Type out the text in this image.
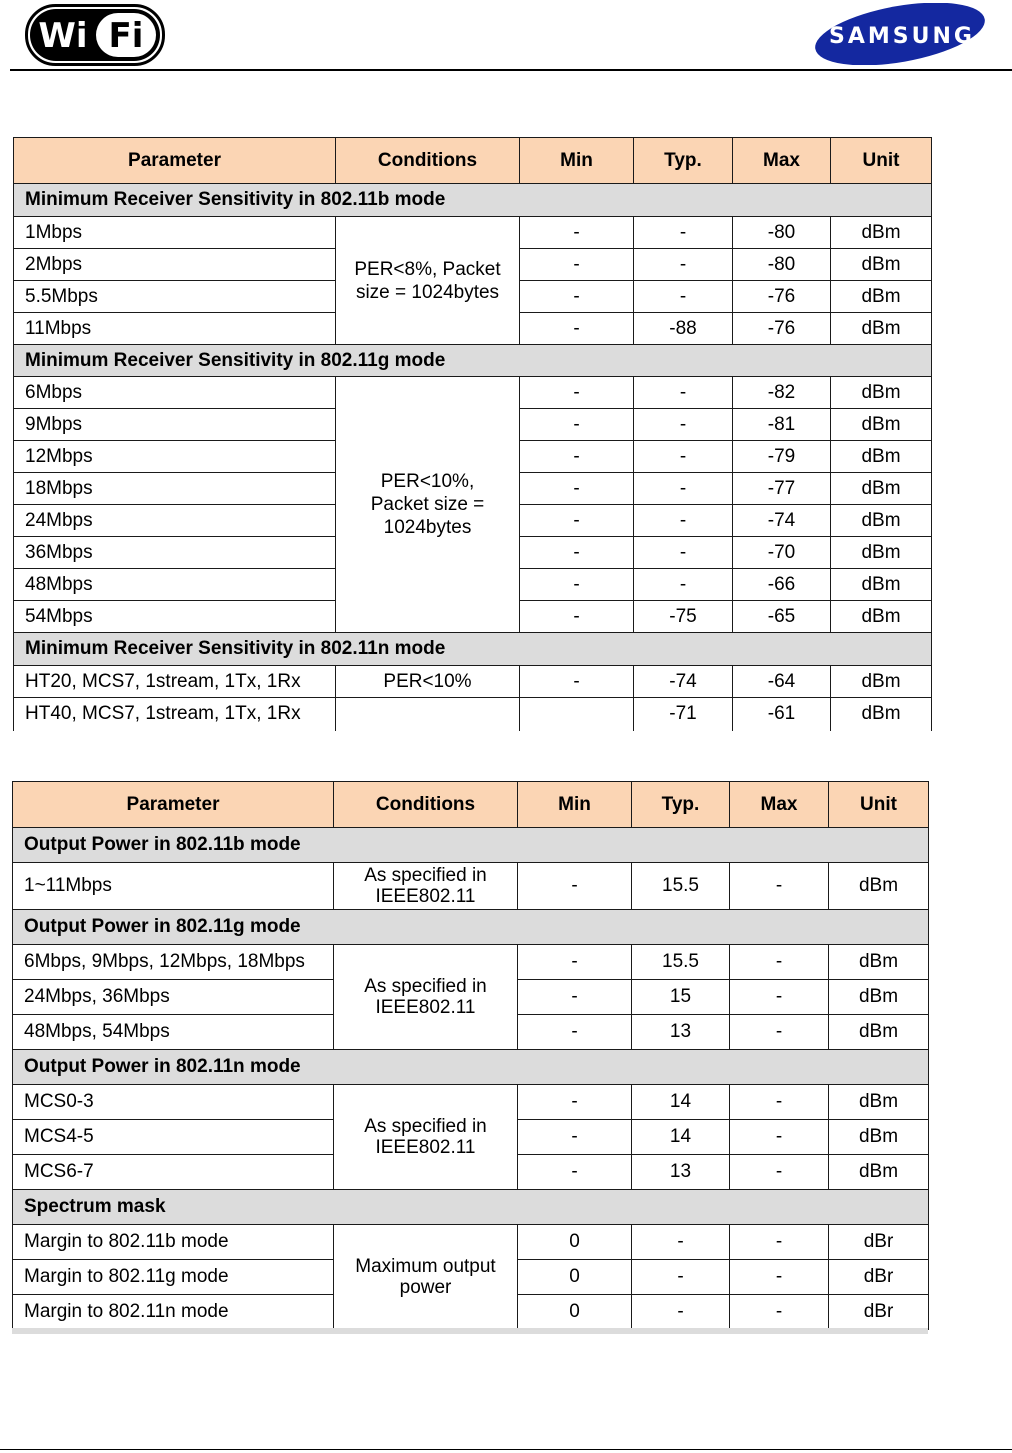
Wi Fi	SAMSUNG
Parameter	Conditions	Min	Typ.	Max	Unit
Minimum Receiver Sensitivity in 802.11b mode					
1Mbps	PER<8%, Packet size = 1024bytes	-	-	-80	dBm
2Mbps		-	-	-80	dBm
5.5Mbps		-	-	-76	dBm
11Mbps		-	-88	-76	dBm
Minimum Receiver Sensitivity in 802.11g mode					
6Mbps	PER<10%, Packet size = 1024bytes	-	-	-82	dBm
9Mbps		-	-	-81	dBm
12Mbps		-	-	-79	dBm
18Mbps		-	-	-77	dBm
24Mbps		-	-	-74	dBm
36Mbps		-	-	-70	dBm
48Mbps		-	-	-66	dBm
54Mbps		-	-75	-65	dBm
Minimum Receiver Sensitivity in 802.11n mode					
HT20, MCS7, 1stream, 1Tx, 1Rx	PER<10%	-	-74	-64	dBm
HT40, MCS7, 1stream, 1Tx, 1Rx			-71	-61	dBm
Parameter	Conditions	Min	Typ.	Max	Unit
Output Power in 802.11b mode					
1~11Mbps	As specified in IEEE802.11	-	15.5	-	dBm
Output Power in 802.11g mode					
6Mbps, 9Mbps, 12Mbps, 18Mbps	As specified in IEEE802.11	-	15.5	-	dBm
24Mbps, 36Mbps		-	15	-	dBm
48Mbps, 54Mbps		-	13	-	dBm
Output Power in 802.11n mode					
MCS0-3	As specified in IEEE802.11	-	14	-	dBm
MCS4-5		-	14	-	dBm
MCS6-7		-	13	-	dBm
Spectrum mask					
Margin to 802.11b mode	Maximum output power	0	-	-	dBr
Margin to 802.11g mode		0	-	-	dBr
Margin to 802.11n mode		0	-	-	dBr
